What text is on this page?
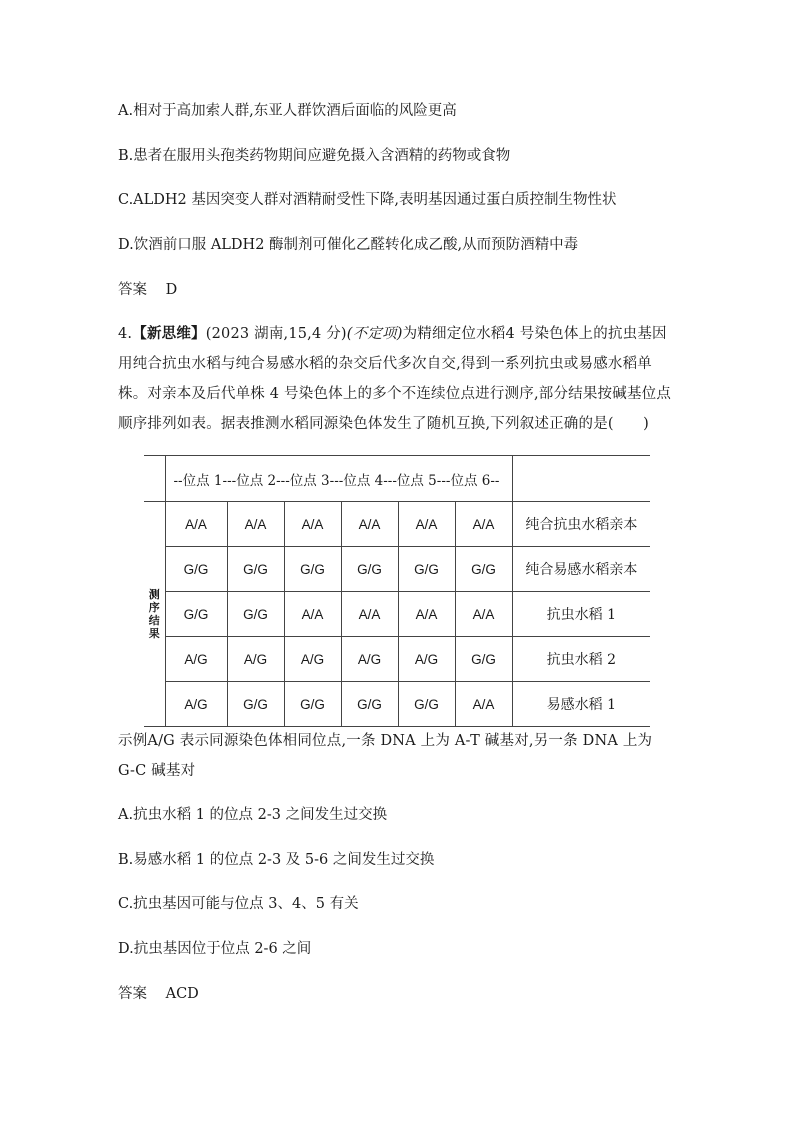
A.相对于高加索人群,东亚人群饮酒后面临的风险更高
B.患者在服用头孢类药物期间应避免摄入含酒精的药物或食物
C.ALDH2 基因突变人群对酒精耐受性下降,表明基因通过蛋白质控制生物性状
D.饮酒前口服 ALDH2 酶制剂可催化乙醛转化成乙酸,从而预防酒精中毒
答案 D
4.【新思维】(2023 湖南,15,4 分)(不定项)为精细定位水稻4 号染色体上的抗虫基因用纯合抗虫水稻与纯合易感水稻的杂交后代多次自交,得到一系列抗虫或易感水稻单株。对亲本及后代单株 4 号染色体上的多个不连续位点进行测序,部分结果按碱基位点顺序排列如表。据表推测水稻同源染色体发生了随机互换,下列叙述正确的是(　　)
	--位点 1---位点 2---位点 3---位点 4---位点 5---位点 6--						

测序结果	A/A	A/A	A/A	A/A	A/A	A/A	纯合抗虫水稻亲本
	G/G	G/G	G/G	G/G	G/G	G/G	纯合易感水稻亲本
	G/G	G/G	A/A	A/A	A/A	A/A	抗虫水稻 1
	A/G	A/G	A/G	A/G	A/G	G/G	抗虫水稻 2
	A/G	G/G	G/G	G/G	G/G	A/A	易感水稻 1
示例A/G 表示同源染色体相同位点,一条 DNA 上为 A-T 碱基对,另一条 DNA 上为 G-C 碱基对
A.抗虫水稻 1 的位点 2-3 之间发生过交换
B.易感水稻 1 的位点 2-3 及 5-6 之间发生过交换
C.抗虫基因可能与位点 3、4、5 有关
D.抗虫基因位于位点 2-6 之间
答案 ACD
